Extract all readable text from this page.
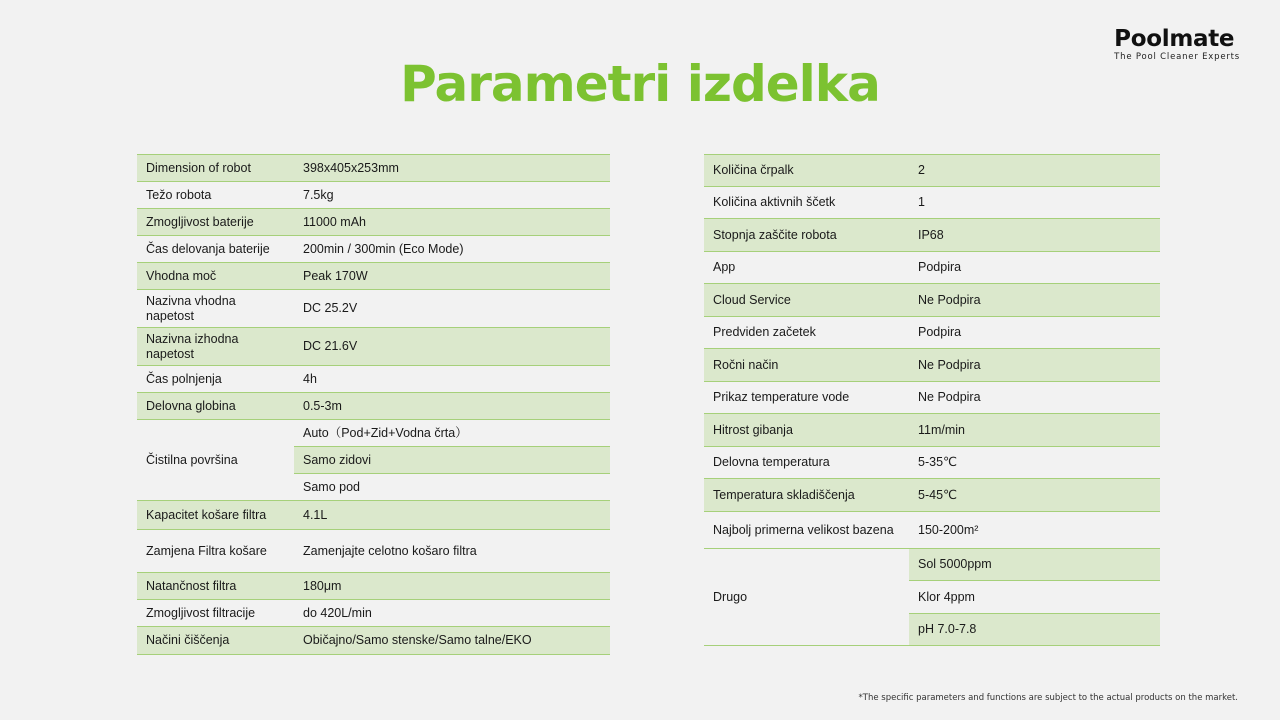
Poolmate
The Pool Cleaner Experts
Parametri izdelka
Dimension of robot	398x405x253mm
Težo robota	7.5kg
Zmogljivost baterije	11000 mAh
Čas delovanja baterije	200min / 300min (Eco Mode)
Vhodna moč	Peak 170W
Nazivna vhodna napetost	DC 25.2V
Nazivna izhodna napetost	DC 21.6V
Čas polnjenja	4h
Delovna globina	0.5-3m
Čistilna površina	Auto（Pod+Zid+Vodna črta）
	Samo zidovi
	Samo pod
Kapacitet košare filtra	4.1L
Zamjena Filtra košare	Zamenjajte celotno košaro filtra
Natančnost filtra	180μm
Zmogljivost filtracije	do 420L/min
Načini čiščenja	Običajno/Samo stenske/Samo talne/EKO
Količina črpalk	2
Količina aktivnih ščetk	1
Stopnja zaščite robota	IP68
App	Podpira
Cloud Service	Ne Podpira
Predviden začetek	Podpira
Ročni način	Ne Podpira
Prikaz temperature vode	Ne Podpira
Hitrost gibanja	11m/min
Delovna temperatura	5-35℃
Temperatura skladiščenja	5-45℃
Najbolj primerna velikost bazena	150-200m²
Drugo	Sol 5000ppm
	Klor 4ppm
	pH 7.0-7.8
*The specific parameters and functions are subject to the actual products on the market.
